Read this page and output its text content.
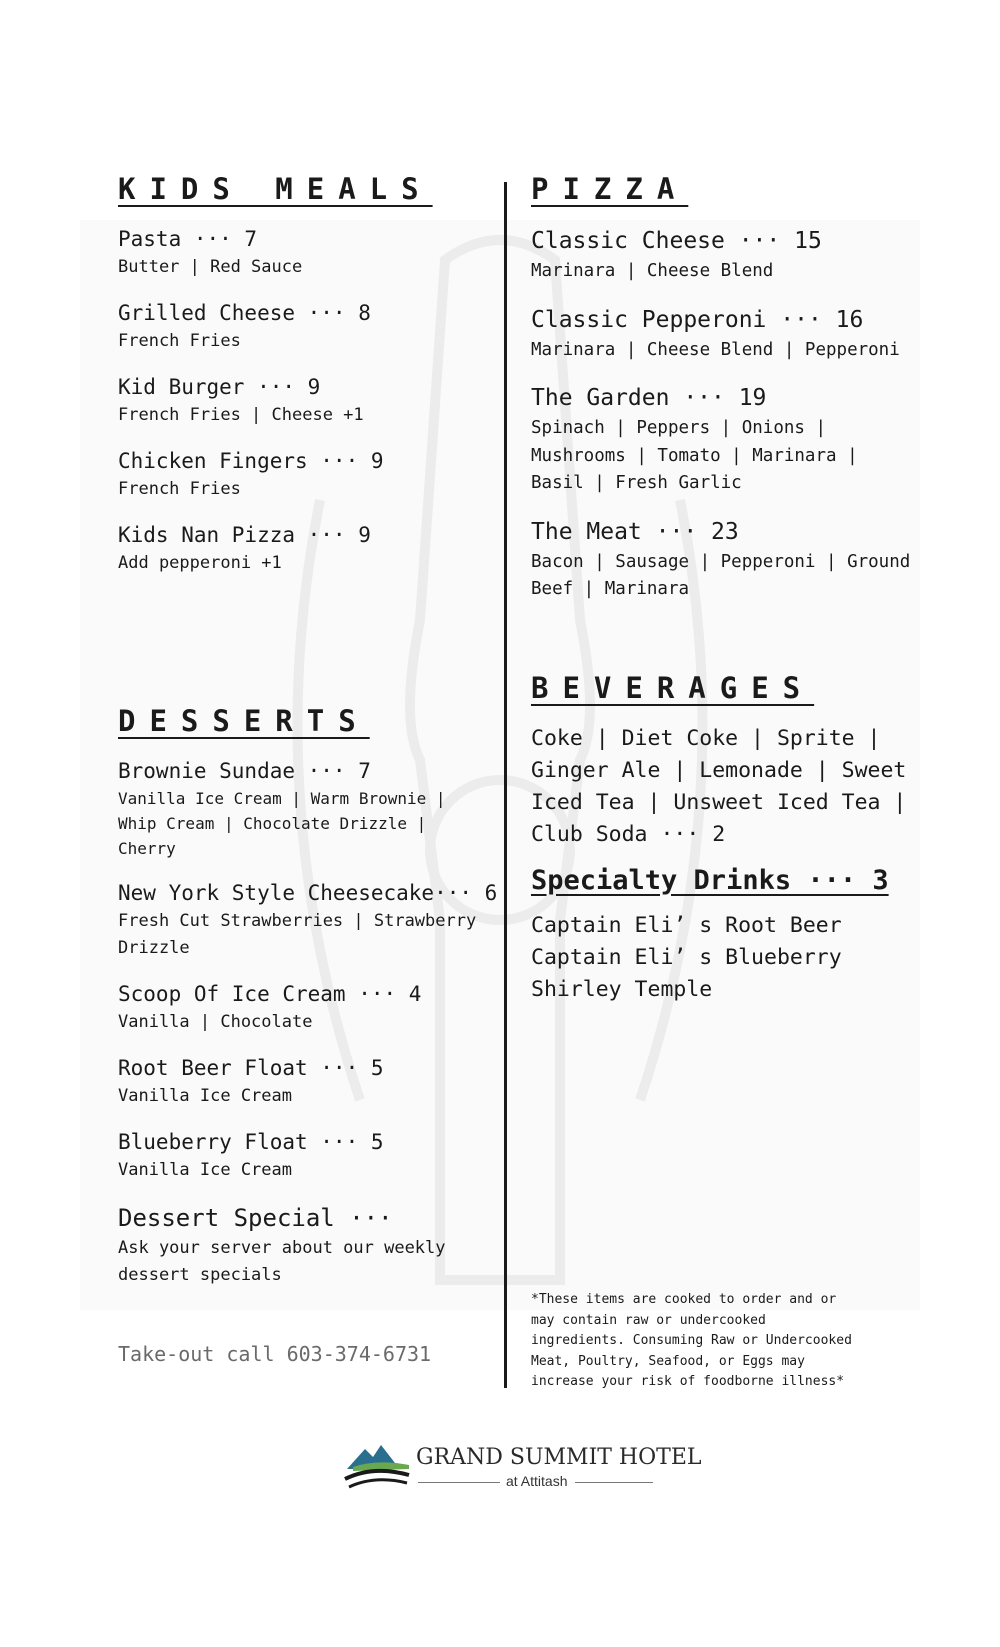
KIDS MEALS
Pasta ··· 7
Butter | Red Sauce
Grilled Cheese ··· 8
French Fries
Kid Burger ··· 9
French Fries | Cheese +1
Chicken Fingers ··· 9
French Fries
Kids Nan Pizza ··· 9
Add pepperoni +1
DESSERTS
Brownie Sundae ··· 7
Vanilla Ice Cream | Warm Brownie | Whip Cream | Chocolate Drizzle | Cherry
New York Style Cheesecake··· 6
Fresh Cut Strawberries | Strawberry Drizzle
Scoop Of Ice Cream ··· 4
Vanilla | Chocolate
Root Beer Float ··· 5
Vanilla Ice Cream
Blueberry Float ··· 5
Vanilla Ice Cream
Dessert Special ···
Ask your server about our weekly dessert specials
PIZZA
Classic Cheese ··· 15
Marinara | Cheese Blend
Classic Pepperoni ··· 16
Marinara | Cheese Blend | Pepperoni
The Garden ··· 19
Spinach | Peppers | Onions | Mushrooms | Tomato | Marinara | Basil | Fresh Garlic
The Meat ··· 23
Bacon | Sausage | Pepperoni | Ground Beef | Marinara
BEVERAGES
Coke | Diet Coke | Sprite | Ginger Ale | Lemonade | Sweet Iced Tea | Unsweet Iced Tea | Club Soda ··· 2
Specialty Drinks ··· 3
Captain Eli’ s Root Beer
Captain Eli’ s Blueberry
Shirley Temple
Take-out call 603-374-6731
*These items are cooked to order and or may contain raw or undercooked ingredients. Consuming Raw or Undercooked Meat, Poultry, Seafood, or Eggs may increase your risk of foodborne illness*
GRAND SUMMIT HOTEL
at Attitash
